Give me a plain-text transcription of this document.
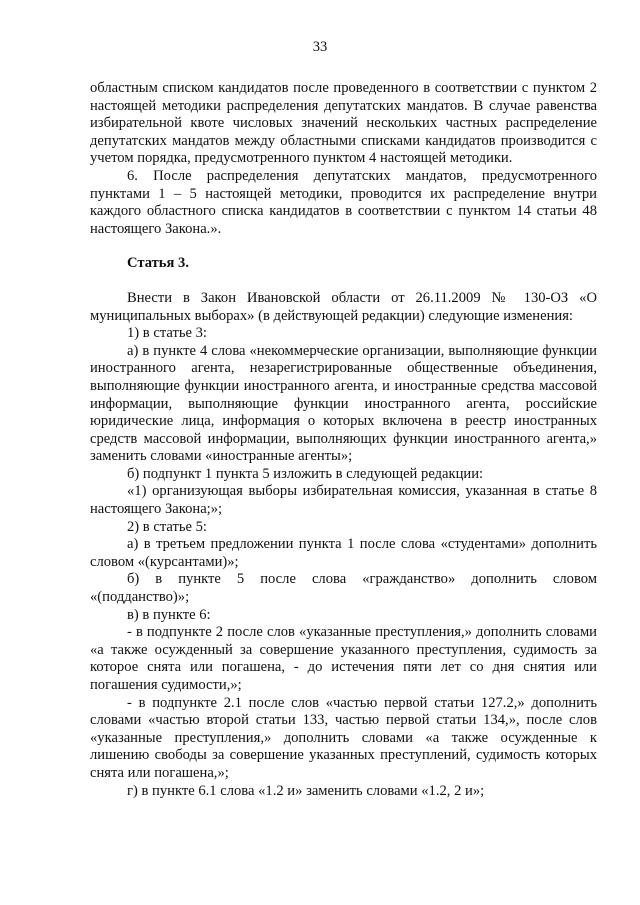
33

областным списком кандидатов после проведенного в соответствии с пунктом 2 настоящей методики распределения депутатских мандатов. В случае равенства избирательной квоте числовых значений нескольких частных распределение депутатских мандатов между областными списками кандидатов производится с учетом порядка, предусмотренного пунктом 4 настоящей методики.

6. После распределения депутатских мандатов, предусмотренного пунктами 1 – 5 настоящей методики, проводится их распределение внутри каждого областного списка кандидатов в соответствии с пунктом 14 статьи 48 настоящего Закона.».

Статья 3.

Внести в Закон Ивановской области от 26.11.2009 № 130-ОЗ «О муниципальных выборах» (в действующей редакции) следующие изменения:

1) в статье 3:

а) в пункте 4 слова «некоммерческие организации, выполняющие функции иностранного агента, незарегистрированные общественные объединения, выполняющие функции иностранного агента, и иностранные средства массовой информации, выполняющие функции иностранного агента, российские юридические лица, информация о которых включена в реестр иностранных средств массовой информации, выполняющих функции иностранного агента,» заменить словами «иностранные агенты»;

б) подпункт 1 пункта 5 изложить в следующей редакции:

«1) организующая выборы избирательная комиссия, указанная в статье 8 настоящего Закона;»;

2) в статье 5:

а) в третьем предложении пункта 1 после слова «студентами» дополнить словом «(курсантами)»;

б) в пункте 5 после слова «гражданство» дополнить словом «(подданство)»;

в) в пункте 6:

- в подпункте 2 после слов «указанные преступления,» дополнить словами «а также осужденный за совершение указанного преступления, судимость за которое снята или погашена, - до истечения пяти лет со дня снятия или погашения судимости,»;

- в подпункте 2.1 после слов «частью первой статьи 127.2,» дополнить словами «частью второй статьи 133, частью первой статьи 134,», после слов «указанные преступления,» дополнить словами «а также осужденные к лишению свободы за совершение указанных преступлений, судимость которых снята или погашена,»;

г) в пункте 6.1 слова «1.2 и» заменить словами «1.2, 2 и»;
